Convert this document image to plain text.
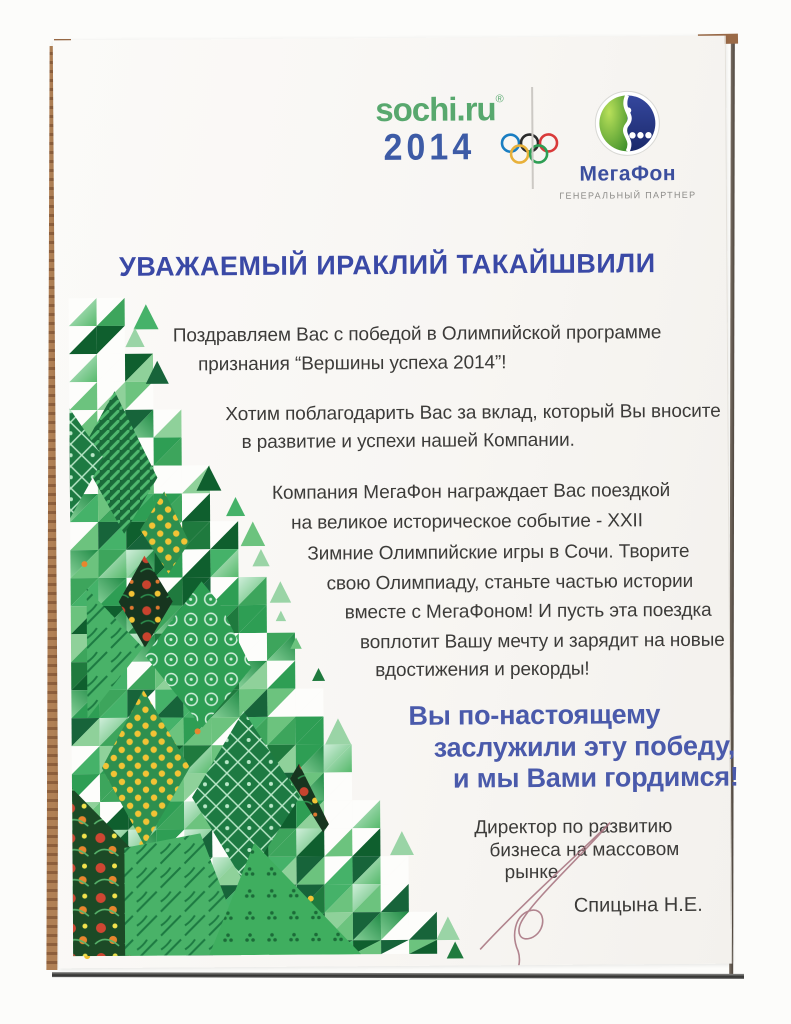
sochi.ru®
2014
МегаФон
ГЕНЕРАЛЬНЫЙ ПАРТНЕР
УВАЖАЕМЫЙ ИРАКЛИЙ ТАКАЙШВИЛИ
Поздравляем Вас с победой в Олимпийской программе
признания “Вершины успеха 2014”!
Хотим поблагодарить Вас за вклад, который Вы вносите
в развитие и успехи нашей Компании.
Компания МегаФон награждает Вас поездкой
на великое историческое событие - XXII
Зимние Олимпийские игры в Сочи. Творите
свою Олимпиаду, станьте частью истории
вместе с МегаФоном! И пусть эта поездка
воплотит Вашу мечту и зарядит на новые
вдостижения и рекорды!
Вы по-настоящему
заслужили эту победу,
и мы Вами гордимся!
Директор по развитию
бизнеса на массовом
рынке
Спицына Н.Е.
